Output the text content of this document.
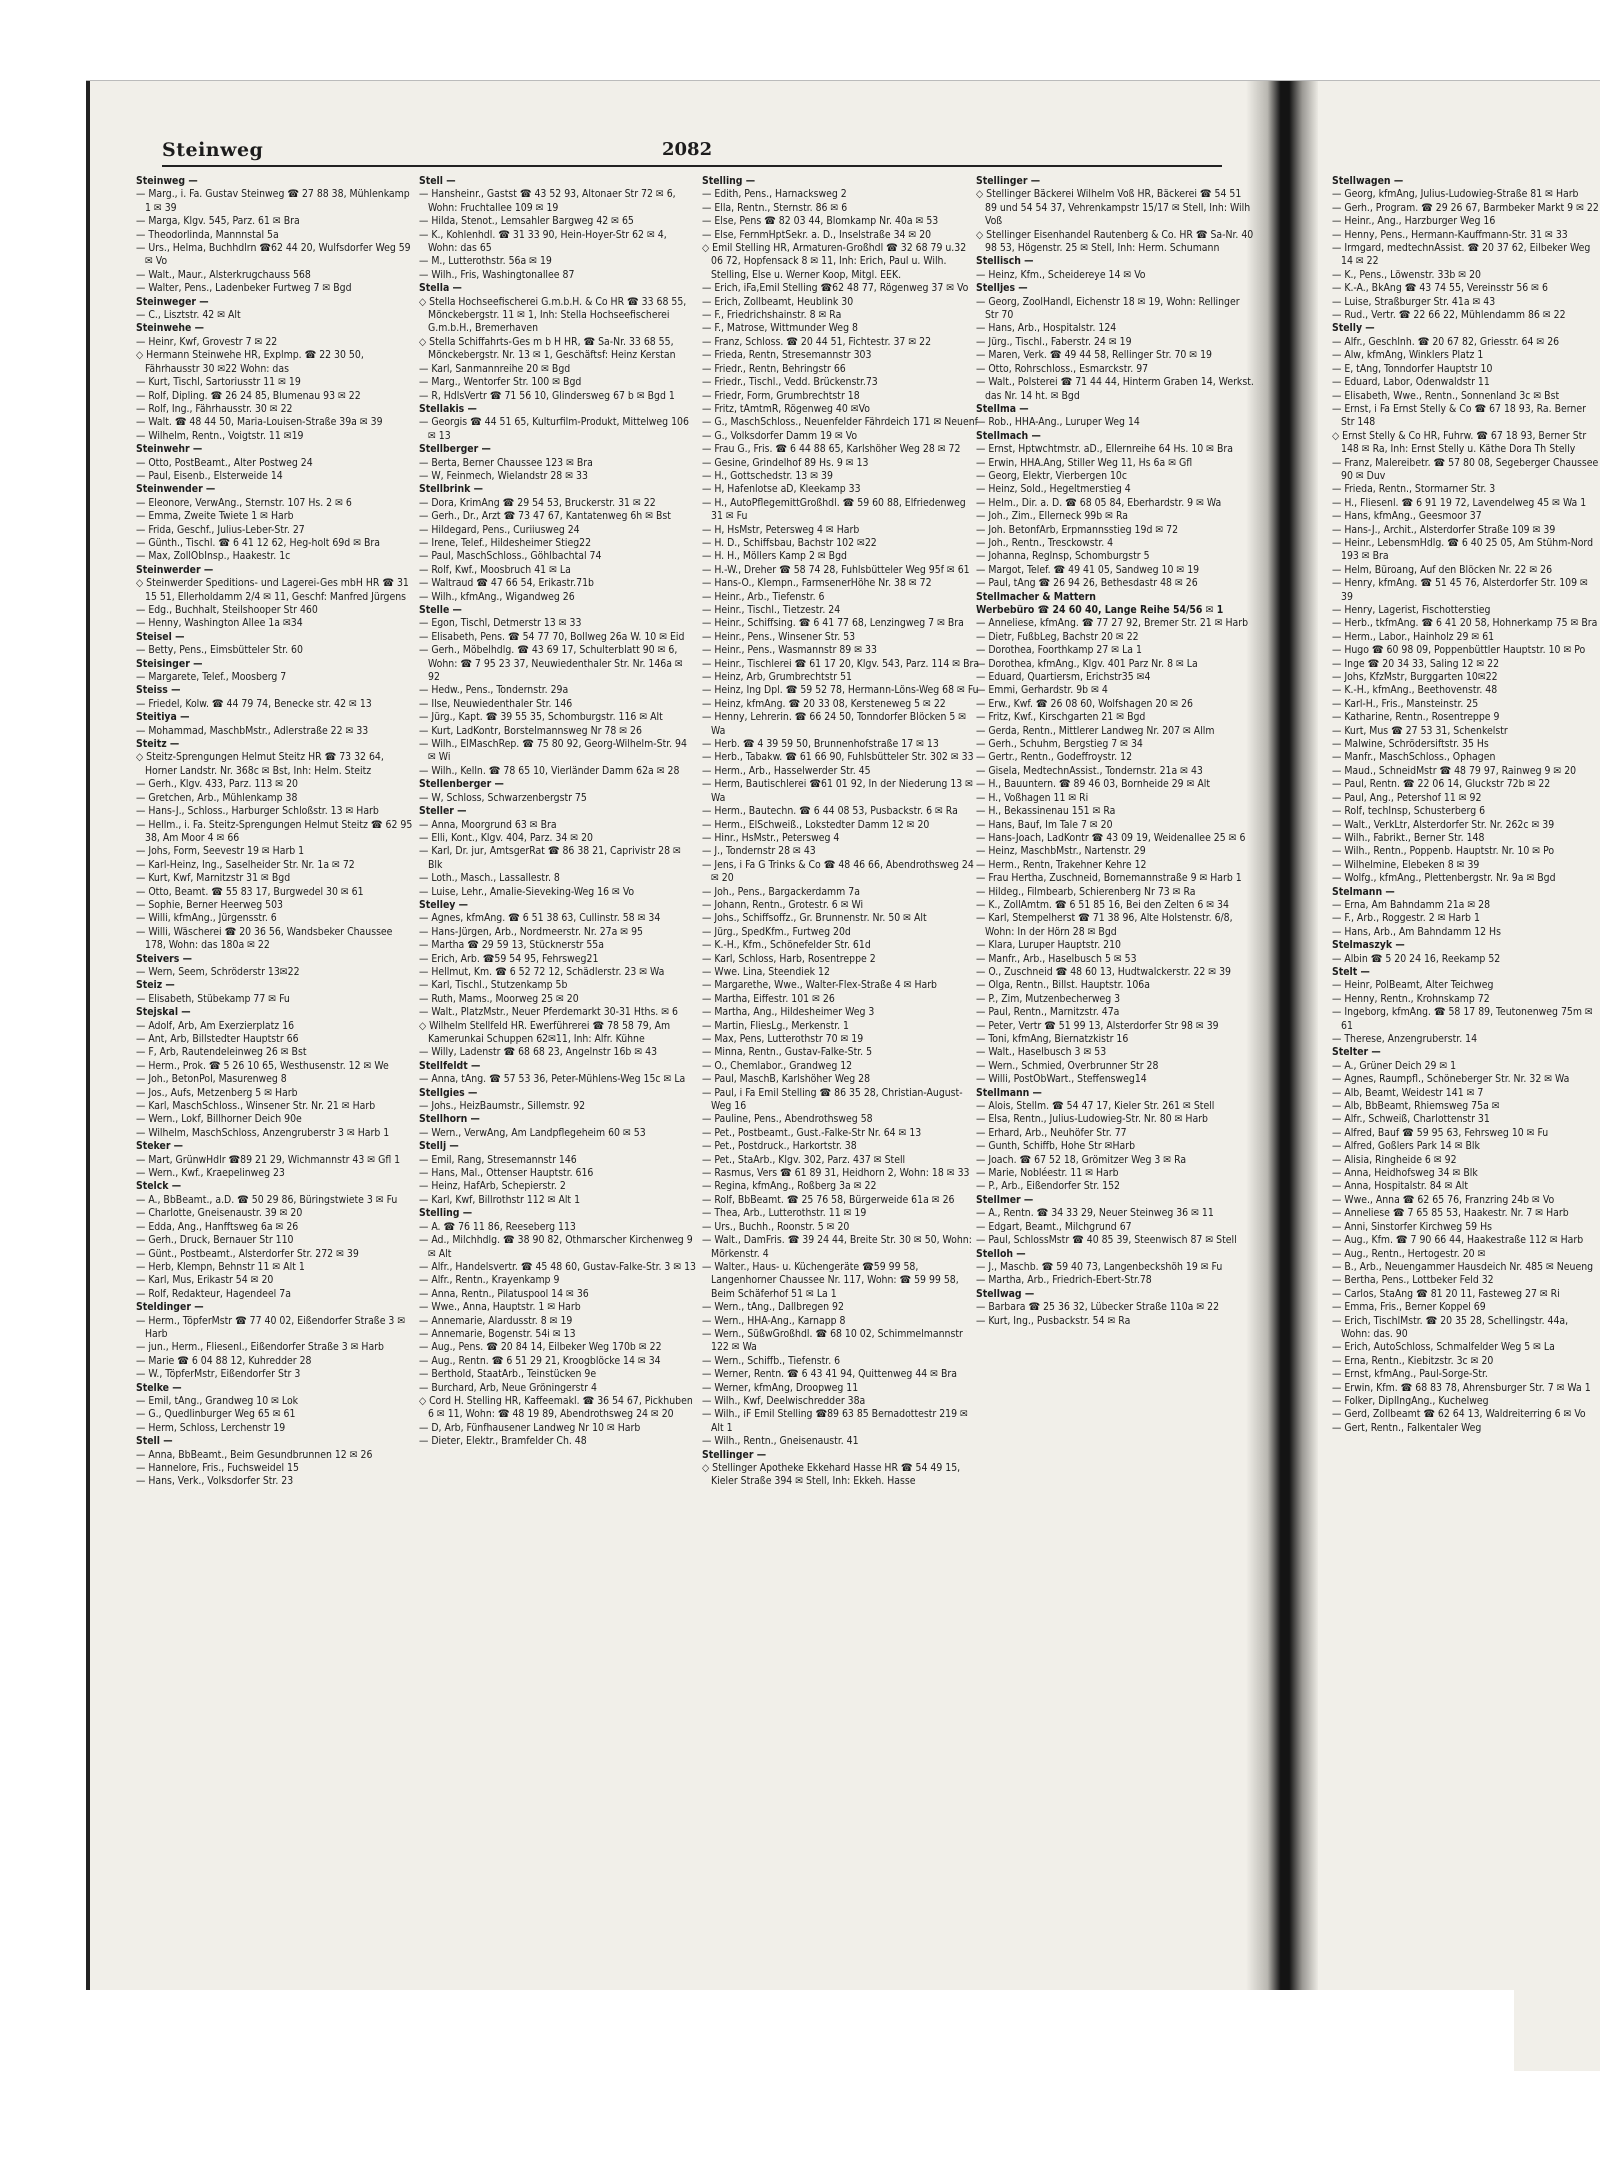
Steinweg	2082

Steinweg —

— Marg., i. Fa. Gustav Steinweg ☎ 27 88 38, Mühlenkamp 1 ✉ 39

— Marga, Klgv. 545, Parz. 61 ✉ Bra

— Theodorlinda, Mannnstal 5a

— Urs., Helma, Buchhdlrn ☎62 44 20, Wulfsdorfer Weg 59 ✉ Vo

— Walt., Maur., Alsterkrugchauss 568

— Walter, Pens., Ladenbeker Furtweg 7 ✉ Bgd

Steinweger —

— C., Lisztstr. 42 ✉ Alt

Steinwehe —

— Heinr, Kwf, Grovestr 7 ✉ 22

◇ Hermann Steinwehe HR, Explmp. ☎ 22 30 50, Fährhausstr 30 ✉22 Wohn: das

— Kurt, Tischl, Sartoriusstr 11 ✉ 19

— Rolf, Dipling. ☎ 26 24 85, Blumenau 93 ✉ 22

— Rolf, Ing., Fährhausstr. 30 ✉ 22

— Walt. ☎ 48 44 50, Maria-Louisen-Straße 39a ✉ 39

— Wilhelm, Rentn., Voigtstr. 11 ✉19

Steinwehr —

— Otto, PostBeamt., Alter Postweg 24

— Paul, Eisenb., Elsterweide 14

Steinwender —

— Eleonore, VerwAng., Sternstr. 107 Hs. 2 ✉ 6

— Emma, Zweite Twiete 1 ✉ Harb

— Frida, Geschf., Julius-Leber-Str. 27

— Günth., Tischl. ☎ 6 41 12 62, Heg-holt 69d ✉ Bra

— Max, ZollObInsp., Haakestr. 1c

Steinwerder —

◇ Steinwerder Speditions- und Lagerei-Ges mbH HR ☎ 31 15 51, Ellerholdamm 2/4 ✉ 11, Geschf: Manfred Jürgens

— Edg., Buchhalt, Steilshooper Str 460

— Henny, Washington Allee 1a ✉34

Steisel —

— Betty, Pens., Eimsbütteler Str. 60

Steisinger —

— Margarete, Telef., Moosberg 7

Steiss —

— Friedel, Kolw. ☎ 44 79 74, Benecke str. 42 ✉ 13

Steitiya —

— Mohammad, MaschbMstr., Adlerstraße 22 ✉ 33

Steitz —

◇ Steitz-Sprengungen Helmut Steitz HR ☎ 73 32 64, Horner Landstr. Nr. 368c ✉ Bst, Inh: Helm. Steitz

— Gerh., Klgv. 433, Parz. 113 ✉ 20

— Gretchen, Arb., Mühlenkamp 38

— Hans-J., Schloss., Harburger Schloßstr. 13 ✉ Harb

— Hellm., i. Fa. Steitz-Sprengungen Helmut Steitz ☎ 62 95 38, Am Moor 4 ✉ 66

— Johs, Form, Seevestr 19 ✉ Harb 1

— Karl-Heinz, Ing., Saselheider Str. Nr. 1a ✉ 72

— Kurt, Kwf, Marnitzstr 31 ✉ Bgd

— Otto, Beamt. ☎ 55 83 17, Burgwedel 30 ✉ 61

— Sophie, Berner Heerweg 503

— Willi, kfmAng., Jürgensstr. 6

— Willi, Wäscherei ☎ 20 36 56, Wandsbeker Chaussee 178, Wohn: das 180a ✉ 22

Steivers —

— Wern, Seem, Schröderstr 13✉22

Steiz —

— Elisabeth, Stübekamp 77 ✉ Fu

Stejskal —

— Adolf, Arb, Am Exerzierplatz 16

— Ant, Arb, Billstedter Hauptstr 66

— F, Arb, Rautendeleinweg 26 ✉ Bst

— Herm., Prok. ☎ 5 26 10 65, Westhusenstr. 12 ✉ We

— Joh., BetonPol, Masurenweg 8

— Jos., Aufs, Metzenberg 5 ✉ Harb

— Karl, MaschSchloss., Winsener Str. Nr. 21 ✉ Harb

— Wern., Lokf, Billhorner Deich 90e

— Wilhelm, MaschSchloss, Anzengruberstr 3 ✉ Harb 1

Steker —

— Mart, GrünwHdlr ☎89 21 29, Wichmannstr 43 ✉ Gfl 1

— Wern., Kwf., Kraepelinweg 23

Stelck —

— A., BbBeamt., a.D. ☎ 50 29 86, Büringstwiete 3 ✉ Fu

— Charlotte, Gneisenaustr. 39 ✉ 20

— Edda, Ang., Hanfftsweg 6a ✉ 26

— Gerh., Druck, Bernauer Str 110

— Günt., Postbeamt., Alsterdorfer Str. 272 ✉ 39

— Herb, Klempn, Behnstr 11 ✉ Alt 1

— Karl, Mus, Erikastr 54 ✉ 20

— Rolf, Redakteur, Hagendeel 7a

Steldinger —

— Herm., TöpferMstr ☎ 77 40 02, Eißendorfer Straße 3 ✉ Harb

— jun., Herm., Fliesenl., Eißendorfer Straße 3 ✉ Harb

— Marie ☎ 6 04 88 12, Kuhredder 28

— W., TöpferMstr, Eißendorfer Str 3

Stelke —

— Emil, tAng., Grandweg 10 ✉ Lok

— G., Quedlinburger Weg 65 ✉ 61

— Herm, Schloss, Lerchenstr 19

Stell —

— Anna, BbBeamt., Beim Gesundbrunnen 12 ✉ 26

— Hannelore, Fris., Fuchsweidel 15

— Hans, Verk., Volksdorfer Str. 23

Stell —

— Hansheinr., Gastst ☎ 43 52 93, Altonaer Str 72 ✉ 6, Wohn: Fruchtallee 109 ✉ 19

— Hilda, Stenot., Lemsahler Bargweg 42 ✉ 65

— K., Kohlenhdl. ☎ 31 33 90, Hein-Hoyer-Str 62 ✉ 4, Wohn: das 65

— M., Lutterothstr. 56a ✉ 19

— Wilh., Fris, Washingtonallee 87

Stella —

◇ Stella Hochseefischerei G.m.b.H. & Co HR ☎ 33 68 55, Mönckebergstr. 11 ✉ 1, Inh: Stella Hochseefischerei G.m.b.H., Bremerhaven

◇ Stella Schiffahrts-Ges m b H HR, ☎ Sa-Nr. 33 68 55, Mönckebergstr. Nr. 13 ✉ 1, Geschäftsf: Heinz Kerstan

— Karl, Sanmannreihe 20 ✉ Bgd

— Marg., Wentorfer Str. 100 ✉ Bgd

— R, HdlsVertr ☎ 71 56 10, Glindersweg 67 b ✉ Bgd 1

Stellakis —

— Georgis ☎ 44 51 65, Kulturfilm-Produkt, Mittelweg 106 ✉ 13

Stellberger —

— Berta, Berner Chaussee 123 ✉ Bra

— W, Feinmech, Wielandstr 28 ✉ 33

Stellbrink —

— Dora, KrimAng ☎ 29 54 53, Bruckerstr. 31 ✉ 22

— Gerh., Dr., Arzt ☎ 73 47 67, Kantatenweg 6h ✉ Bst

— Hildegard, Pens., Curiiusweg 24

— Irene, Telef., Hildesheimer Stieg22

— Paul, MaschSchloss., Göhlbachtal 74

— Rolf, Kwf., Moosbruch 41 ✉ La

— Waltraud ☎ 47 66 54, Erikastr.71b

— Wilh., kfmAng., Wigandweg 26

Stelle —

— Egon, Tischl, Detmerstr 13 ✉ 33

— Elisabeth, Pens. ☎ 54 77 70, Bollweg 26a W. 10 ✉ Eid

— Gerh., Möbelhdlg. ☎ 43 69 17, Schulterblatt 90 ✉ 6, Wohn: ☎ 7 95 23 37, Neuwiedenthaler Str. Nr. 146a ✉ 92

— Hedw., Pens., Tondernstr. 29a

— Ilse, Neuwiedenthaler Str. 146

— Jürg., Kapt. ☎ 39 55 35, Schomburgstr. 116 ✉ Alt

— Kurt, LadKontr, Borstelmannsweg Nr 78 ✉ 26

— Wilh., ElMaschRep. ☎ 75 80 92, Georg-Wilhelm-Str. 94 ✉ Wi

— Wilh., Kelln. ☎ 78 65 10, Vierländer Damm 62a ✉ 28

Stellenberger —

— W, Schloss, Schwarzenbergstr 75

Steller —

— Anna, Moorgrund 63 ✉ Bra

— Elli, Kont., Klgv. 404, Parz. 34 ✉ 20

— Karl, Dr. jur, AmtsgerRat ☎ 86 38 21, Caprivistr 28 ✉ Blk

— Loth., Masch., Lassallestr. 8

— Luise, Lehr., Amalie-Sieveking-Weg 16 ✉ Vo

Stelley —

— Agnes, kfmAng. ☎ 6 51 38 63, Cullinstr. 58 ✉ 34

— Hans-Jürgen, Arb., Nordmeerstr. Nr. 27a ✉ 95

— Martha ☎ 29 59 13, Stücknerstr 55a

— Erich, Arb. ☎59 54 95, Fehrsweg21

— Hellmut, Km. ☎ 6 52 72 12, Schädlerstr. 23 ✉ Wa

— Karl, Tischl., Stutzenkamp 5b

— Ruth, Mams., Moorweg 25 ✉ 20

— Walt., PlatzMstr., Neuer Pferdemarkt 30-31 Hths. ✉ 6

◇ Wilhelm Stellfeld HR. Ewerführerei ☎ 78 58 79, Am Kamerunkai Schuppen 62✉11, Inh: Alfr. Kühne

— Willy, Ladenstr ☎ 68 68 23, Angelnstr 16b ✉ 43

Stellfeldt —

— Anna, tAng. ☎ 57 53 36, Peter-Mühlens-Weg 15c ✉ La

Stellgies —

— Johs., HeizBaumstr., Sillemstr. 92

Stellhorn —

— Wern., VerwAng, Am Landpflegeheim 60 ✉ 53

Stellj —

— Emil, Rang, Stresemannstr 146

— Hans, Mal., Ottenser Hauptstr. 616

— Heinz, HafArb, Schepierstr. 2

— Karl, Kwf, Billrothstr 112 ✉ Alt 1

Stelling —

— A. ☎ 76 11 86, Reeseberg 113

— Ad., Milchhdlg. ☎ 38 90 82, Othmarscher Kirchenweg 9 ✉ Alt

— Alfr., Handelsvertr. ☎ 45 48 60, Gustav-Falke-Str. 3 ✉ 13

— Alfr., Rentn., Krayenkamp 9

— Anna, Rentn., Pilatuspool 14 ✉ 36

— Wwe., Anna, Hauptstr. 1 ✉ Harb

— Annemarie, Alardusstr. 8 ✉ 19

— Annemarie, Bogenstr. 54i ✉ 13

— Aug., Pens. ☎ 20 84 14, Eilbeker Weg 170b ✉ 22

— Aug., Rentn. ☎ 6 51 29 21, Kroogblöcke 14 ✉ 34

— Berthold, StaatArb., Teinstücken 9e

— Burchard, Arb, Neue Gröningerstr 4

◇ Cord H. Stelling HR, Kaffeemakl. ☎ 36 54 67, Pickhuben 6 ✉ 11, Wohn: ☎ 48 19 89, Abendrothsweg 24 ✉ 20

— D, Arb, Fünfhausener Landweg Nr 10 ✉ Harb

— Dieter, Elektr., Bramfelder Ch. 48

Stelling —

— Edith, Pens., Harnacksweg 2

— Ella, Rentn., Sternstr. 86 ✉ 6

— Else, Pens ☎ 82 03 44, Blomkamp Nr. 40a ✉ 53

— Else, FernmHptSekr. a. D., Inselstraße 34 ✉ 20

◇ Emil Stelling HR, Armaturen-Großhdl ☎ 32 68 79 u.32 06 72, Hopfensack 8 ✉ 11, Inh: Erich, Paul u. Wilh. Stelling, Else u. Werner Koop, Mitgl. EEK.

— Erich, iFa,Emil Stelling ☎62 48 77, Rögenweg 37 ✉ Vo

— Erich, Zollbeamt, Heublink 30

— F., Friedrichshainstr. 8 ✉ Ra

— F., Matrose, Wittmunder Weg 8

— Franz, Schloss. ☎ 20 44 51, Fichtestr. 37 ✉ 22

— Frieda, Rentn, Stresemannstr 303

— Friedr., Rentn, Behringstr 66

— Friedr., Tischl., Vedd. Brückenstr.73

— Friedr, Form, Grumbrechtstr 18

— Fritz, tAmtmR, Rögenweg 40 ✉Vo

— G., MaschSchloss., Neuenfelder Fährdeich 171 ✉ Neuenf

— G., Volksdorfer Damm 19 ✉ Vo

— Frau G., Fris. ☎ 6 44 88 65, Karlshöher Weg 28 ✉ 72

— Gesine, Grindelhof 89 Hs. 9 ✉ 13

— H., Gottschedstr. 13 ✉ 39

— H, Hafenlotse aD, Kleekamp 33

— H., AutoPflegemittGroßhdl. ☎ 59 60 88, Elfriedenweg 31 ✉ Fu

— H, HsMstr, Petersweg 4 ✉ Harb

— H. D., Schiffsbau, Bachstr 102 ✉22

— H. H., Möllers Kamp 2 ✉ Bgd

— H.-W., Dreher ☎ 58 74 28, Fuhlsbütteler Weg 95f ✉ 61

— Hans-O., Klempn., FarmsenerHöhe Nr. 38 ✉ 72

— Heinr., Arb., Tiefenstr. 6

— Heinr., Tischl., Tietzestr. 24

— Heinr., Schiffsing. ☎ 6 41 77 68, Lenzingweg 7 ✉ Bra

— Heinr., Pens., Winsener Str. 53

— Heinr., Pens., Wasmannstr 89 ✉ 33

— Heinr., Tischlerei ☎ 61 17 20, Klgv. 543, Parz. 114 ✉ Bra

— Heinz, Arb, Grumbrechtstr 51

— Heinz, Ing Dpl. ☎ 59 52 78, Hermann-Löns-Weg 68 ✉ Fu

— Heinz, kfmAng. ☎ 20 33 08, Kersteneweg 5 ✉ 22

— Henny, Lehrerin. ☎ 66 24 50, Tonndorfer Blöcken 5 ✉ Wa

— Herb. ☎ 4 39 59 50, Brunnenhofstraße 17 ✉ 13

— Herb., Tabakw. ☎ 61 66 90, Fuhlsbütteler Str. 302 ✉ 33

— Herm., Arb., Hasselwerder Str. 45

— Herm, Bautischlerei ☎61 01 92, In der Niederung 13 ✉ Wa

— Herm., Bautechn. ☎ 6 44 08 53, Pusbackstr. 6 ✉ Ra

— Herm., ElSchweiß., Lokstedter Damm 12 ✉ 20

— Hinr., HsMstr., Petersweg 4

— J., Tondernstr 28 ✉ 43

— Jens, i Fa G Trinks & Co ☎ 48 46 66, Abendrothsweg 24 ✉ 20

— Joh., Pens., Bargackerdamm 7a

— Johann, Rentn., Grotestr. 6 ✉ Wi

— Johs., Schiffsoffz., Gr. Brunnenstr. Nr. 50 ✉ Alt

— Jürg., SpedKfm., Furtweg 20d

— K.-H., Kfm., Schönefelder Str. 61d

— Karl, Schloss, Harb, Rosentreppe 2

— Wwe. Lina, Steendiek 12

— Margarethe, Wwe., Walter-Flex-Straße 4 ✉ Harb

— Martha, Eiffestr. 101 ✉ 26

— Martha, Ang., Hildesheimer Weg 3

— Martin, FliesLg., Merkenstr. 1

— Max, Pens, Lutterothstr 70 ✉ 19

— Minna, Rentn., Gustav-Falke-Str. 5

— O., Chemlabor., Grandweg 12

— Paul, MaschB, Karlshöher Weg 28

— Paul, i Fa Emil Stelling ☎ 86 35 28, Christian-August-Weg 16

— Pauline, Pens., Abendrothsweg 58

— Pet., Postbeamt., Gust.-Falke-Str Nr. 64 ✉ 13

— Pet., Postdruck., Harkortstr. 38

— Pet., StaArb., Klgv. 302, Parz. 437 ✉ Stell

— Rasmus, Vers ☎ 61 89 31, Heidhorn 2, Wohn: 18 ✉ 33

— Regina, kfmAng., Roßberg 3a ✉ 22

— Rolf, BbBeamt. ☎ 25 76 58, Bürgerweide 61a ✉ 26

— Thea, Arb., Lutterothstr. 11 ✉ 19

— Urs., Buchh., Roonstr. 5 ✉ 20

— Walt., DamFris. ☎ 39 24 44, Breite Str. 30 ✉ 50, Wohn: Mörkenstr. 4

— Walter., Haus- u. Küchengeräte ☎59 99 58, Langenhorner Chaussee Nr. 117, Wohn: ☎ 59 99 58, Beim Schäferhof 51 ✉ La 1

— Wern., tAng., Dallbregen 92

— Wern., HHA-Ang., Karnapp 8

— Wern., SüßwGroßhdl. ☎ 68 10 02, Schimmelmannstr 122 ✉ Wa

— Wern., Schiffb., Tiefenstr. 6

— Werner, Rentn. ☎ 6 43 41 94, Quittenweg 44 ✉ Bra

— Werner, kfmAng, Droopweg 11

— Wilh., Kwf, Deelwischredder 38a

— Wilh., iF Emil Stelling ☎89 63 85 Bernadottestr 219 ✉ Alt 1

— Wilh., Rentn., Gneisenaustr. 41

Stellinger —

◇ Stellinger Apotheke Ekkehard Hasse HR ☎ 54 49 15, Kieler Straße 394 ✉ Stell, Inh: Ekkeh. Hasse

Stellinger —

◇ Stellinger Bäckerei Wilhelm Voß HR, Bäckerei ☎ 54 51 89 und 54 54 37, Vehrenkampstr 15/17 ✉ Stell, Inh: Wilh Voß

◇ Stellinger Eisenhandel Rautenberg & Co. HR ☎ Sa-Nr. 40 98 53, Högenstr. 25 ✉ Stell, Inh: Herm. Schumann

Stellisch —

— Heinz, Kfm., Scheidereye 14 ✉ Vo

Stelljes —

— Georg, ZoolHandl, Eichenstr 18 ✉ 19, Wohn: Rellinger Str 70

— Hans, Arb., Hospitalstr. 124

— Jürg., Tischl., Faberstr. 24 ✉ 19

— Maren, Verk. ☎ 49 44 58, Rellinger Str. 70 ✉ 19

— Otto, Rohrschloss., Esmarckstr. 97

— Walt., Polsterei ☎ 71 44 44, Hinterm Graben 14, Werkst. das Nr. 14 ht. ✉ Bgd

Stellma —

— Rob., HHA-Ang., Luruper Weg 14

Stellmach —

— Ernst, Hptwchtmstr. aD., Ellernreihe 64 Hs. 10 ✉ Bra

— Erwin, HHA.Ang, Stiller Weg 11, Hs 6a ✉ Gfl

— Georg, Elektr, Vierbergen 10c

— Heinz, Sold., Hegeltmerstieg 4

— Helm., Dir. a. D. ☎ 68 05 84, Eberhardstr. 9 ✉ Wa

— Joh., Zim., Ellerneck 99b ✉ Ra

— Joh. BetonfArb, Erpmannsstieg 19d ✉ 72

— Joh., Rentn., Tresckowstr. 4

— Johanna, Reglnsp, Schomburgstr 5

— Margot, Telef. ☎ 49 41 05, Sandweg 10 ✉ 19

— Paul, tAng ☎ 26 94 26, Bethesdastr 48 ✉ 26

Stellmacher & Mattern

Werbebüro ☎ 24 60 40, Lange Reihe 54/56 ✉ 1

— Anneliese, kfmAng. ☎ 77 27 92, Bremer Str. 21 ✉ Harb

— Dietr, FußbLeg, Bachstr 20 ✉ 22

— Dorothea, Foorthkamp 27 ✉ La 1

— Dorothea, kfmAng., Klgv. 401 Parz Nr. 8 ✉ La

— Eduard, Quartiersm, Erichstr35 ✉4

— Emmi, Gerhardstr. 9b ✉ 4

— Erw., Kwf. ☎ 26 08 60, Wolfshagen 20 ✉ 26

— Fritz, Kwf., Kirschgarten 21 ✉ Bgd

— Gerda, Rentn., Mittlerer Landweg Nr. 207 ✉ Allm

— Gerh., Schuhm, Bergstieg 7 ✉ 34

— Gertr., Rentn., Godeffroystr. 12

— Gisela, MedtechnAssist., Tondernstr. 21a ✉ 43

— H., Bauuntern. ☎ 89 46 03, Bornheide 29 ✉ Alt

— H., Voßhagen 11 ✉ Ri

— H., Bekassinenau 151 ✉ Ra

— Hans, Bauf, Im Tale 7 ✉ 20

— Hans-Joach, LadKontr ☎ 43 09 19, Weidenallee 25 ✉ 6

— Heinz, MaschbMstr., Nartenstr. 29

— Herm., Rentn, Trakehner Kehre 12

— Frau Hertha, Zuschneid, Bornemannstraße 9 ✉ Harb 1

— Hildeg., Filmbearb, Schierenberg Nr 73 ✉ Ra

— K., ZollAmtm. ☎ 6 51 85 16, Bei den Zelten 6 ✉ 34

— Karl, Stempelherst ☎ 71 38 96, Alte Holstenstr. 6/8, Wohn: In der Hörn 28 ✉ Bgd

— Klara, Luruper Hauptstr. 210

— Manfr., Arb., Haselbusch 5 ✉ 53

— O., Zuschneid ☎ 48 60 13, Hudtwalckerstr. 22 ✉ 39

— Olga, Rentn., Billst. Hauptstr. 106a

— P., Zim, Mutzenbecherweg 3

— Paul, Rentn., Marnitzstr. 47a

— Peter, Vertr ☎ 51 99 13, Alsterdorfer Str 98 ✉ 39

— Toni, kfmAng, Biernatzkistr 16

— Walt., Haselbusch 3 ✉ 53

— Wern., Schmied, Overbrunner Str 28

— Willi, PostObWart., Steffensweg14

Stellmann —

— Alois, Stellm. ☎ 54 47 17, Kieler Str. 261 ✉ Stell

— Elsa, Rentn., Julius-Ludowieg-Str. Nr. 80 ✉ Harb

— Erhard, Arb., Neuhöfer Str. 77

— Gunth, Schiffb, Hohe Str ✉Harb

— Joach. ☎ 67 52 18, Grömitzer Weg 3 ✉ Ra

— Marie, Nobléestr. 11 ✉ Harb

— P., Arb., Eißendorfer Str. 152

Stellmer —

— A., Rentn. ☎ 34 33 29, Neuer Steinweg 36 ✉ 11

— Edgart, Beamt., Milchgrund 67

— Paul, SchlossMstr ☎ 40 85 39, Steenwisch 87 ✉ Stell

Stelloh —

— J., Maschb. ☎ 59 40 73, Langenbeckshöh 19 ✉ Fu

— Martha, Arb., Friedrich-Ebert-Str.78

Stellwag —

— Barbara ☎ 25 36 32, Lübecker Straße 110a ✉ 22

— Kurt, Ing., Pusbackstr. 54 ✉ Ra

Stellwagen —

— Georg, kfmAng, Julius-Ludowieg-Straße 81 ✉ Harb

— Gerh., Program. ☎ 29 26 67, Barmbeker Markt 9 ✉ 22

— Heinr., Ang., Harzburger Weg 16

— Henny, Pens., Hermann-Kauffmann-Str. 31 ✉ 33

— Irmgard, medtechnAssist. ☎ 20 37 62, Eilbeker Weg 14 ✉ 22

— K., Pens., Löwenstr. 33b ✉ 20

— K.-A., BkAng ☎ 43 74 55, Vereinsstr 56 ✉ 6

— Luise, Straßburger Str. 41a ✉ 43

— Rud., Vertr. ☎ 22 66 22, Mühlendamm 86 ✉ 22

Stelly —

— Alfr., Geschlnh. ☎ 20 67 82, Griesstr. 64 ✉ 26

— Alw, kfmAng, Winklers Platz 1

— E, tAng, Tonndorfer Hauptstr 10

— Eduard, Labor, Odenwaldstr 11

— Elisabeth, Wwe., Rentn., Sonnenland 3c ✉ Bst

— Ernst, i Fa Ernst Stelly & Co ☎ 67 18 93, Ra. Berner Str 148

◇ Ernst Stelly & Co HR, Fuhrw. ☎ 67 18 93, Berner Str 148 ✉ Ra, Inh: Ernst Stelly u. Käthe Dora Th Stelly

— Franz, Malereibetr. ☎ 57 80 08, Segeberger Chaussee 90 ✉ Duv

— Frieda, Rentn., Stormarner Str. 3

— H., Fliesenl. ☎ 6 91 19 72, Lavendelweg 45 ✉ Wa 1

— Hans, kfmAng., Geesmoor 37

— Hans-J., Archit., Alsterdorfer Straße 109 ✉ 39

— Heinr., LebensmHdlg. ☎ 6 40 25 05, Am Stühm-Nord 193 ✉ Bra

— Helm, Büroang, Auf den Blöcken Nr. 22 ✉ 26

— Henry, kfmAng. ☎ 51 45 76, Alsterdorfer Str. 109 ✉ 39

— Henry, Lagerist, Fischotterstieg

— Herb., tkfmAng. ☎ 6 41 20 58, Hohnerkamp 75 ✉ Bra

— Herm., Labor., Hainholz 29 ✉ 61

— Hugo ☎ 60 98 09, Poppenbüttler Hauptstr. 10 ✉ Po

— Inge ☎ 20 34 33, Saling 12 ✉ 22

— Johs, KfzMstr, Burggarten 10✉22

— K.-H., kfmAng., Beethovenstr. 48

— Karl-H., Fris., Mansteinstr. 25

— Katharine, Rentn., Rosentreppe 9

— Kurt, Mus ☎ 27 53 31, Schenkelstr

— Malwine, Schrödersiftstr. 35 Hs

— Manfr., MaschSchloss., Ophagen

— Maud., SchneidMstr ☎ 48 79 97, Rainweg 9 ✉ 20

— Paul, Rentn. ☎ 22 06 14, Gluckstr 72b ✉ 22

— Paul, Ang., Petershof 11 ✉ 92

— Rolf, techInsp, Schusterberg 6

— Walt., VerkLtr, Alsterdorfer Str. Nr. 262c ✉ 39

— Wilh., Fabrikt., Berner Str. 148

— Wilh., Rentn., Poppenb. Hauptstr. Nr. 10 ✉ Po

— Wilhelmine, Elebeken 8 ✉ 39

— Wolfg., kfmAng., Plettenbergstr. Nr. 9a ✉ Bgd

Stelmann —

— Erna, Am Bahndamm 21a ✉ 28

— F., Arb., Roggestr. 2 ✉ Harb 1

— Hans, Arb., Am Bahndamm 12 Hs

Stelmaszyk —

— Albin ☎ 5 20 24 16, Reekamp 52

Stelt —

— Heinr, PolBeamt, Alter Teichweg

— Henny, Rentn., Krohnskamp 72

— Ingeborg, kfmAng. ☎ 58 17 89, Teutonenweg 75m ✉ 61

— Therese, Anzengruberstr. 14

Stelter —

— A., Grüner Deich 29 ✉ 1

— Agnes, Raumpfl., Schöneberger Str. Nr. 32 ✉ Wa

— Alb, Beamt, Weidestr 141 ✉ 7

— Alb, BbBeamt, Rhiemsweg 75a ✉

— Alfr., Schweiß, Charlottenstr 31

— Alfred, Bauf ☎ 59 95 63, Fehrsweg 10 ✉ Fu

— Alfred, Goßlers Park 14 ✉ Blk

— Alisia, Ringheide 6 ✉ 92

— Anna, Heidhofsweg 34 ✉ Blk

— Anna, Hospitalstr. 84 ✉ Alt

— Wwe., Anna ☎ 62 65 76, Franzring 24b ✉ Vo

— Anneliese ☎ 7 65 85 53, Haakestr. Nr. 7 ✉ Harb

— Anni, Sinstorfer Kirchweg 59 Hs

— Aug., Kfm. ☎ 7 90 66 44, Haakestraße 112 ✉ Harb

— Aug., Rentn., Hertogestr. 20 ✉

— B., Arb., Neuengammer Hausdeich Nr. 485 ✉ Neueng

— Bertha, Pens., Lottbeker Feld 32

— Carlos, StaAng ☎ 81 20 11, Fasteweg 27 ✉ Ri

— Emma, Fris., Berner Koppel 69

— Erich, TischlMstr. ☎ 20 35 28, Schellingstr. 44a, Wohn: das. 90

— Erich, AutoSchloss, Schmalfelder Weg 5 ✉ La

— Erna, Rentn., Kiebitzstr. 3c ✉ 20

— Ernst, kfmAng., Paul-Sorge-Str.

— Erwin, Kfm. ☎ 68 83 78, Ahrensburger Str. 7 ✉ Wa 1

— Folker, DiplIngAng., Kuchelweg

— Gerd, Zollbeamt ☎ 62 64 13, Waldreiterring 6 ✉ Vo

— Gert, Rentn., Falkentaler Weg
